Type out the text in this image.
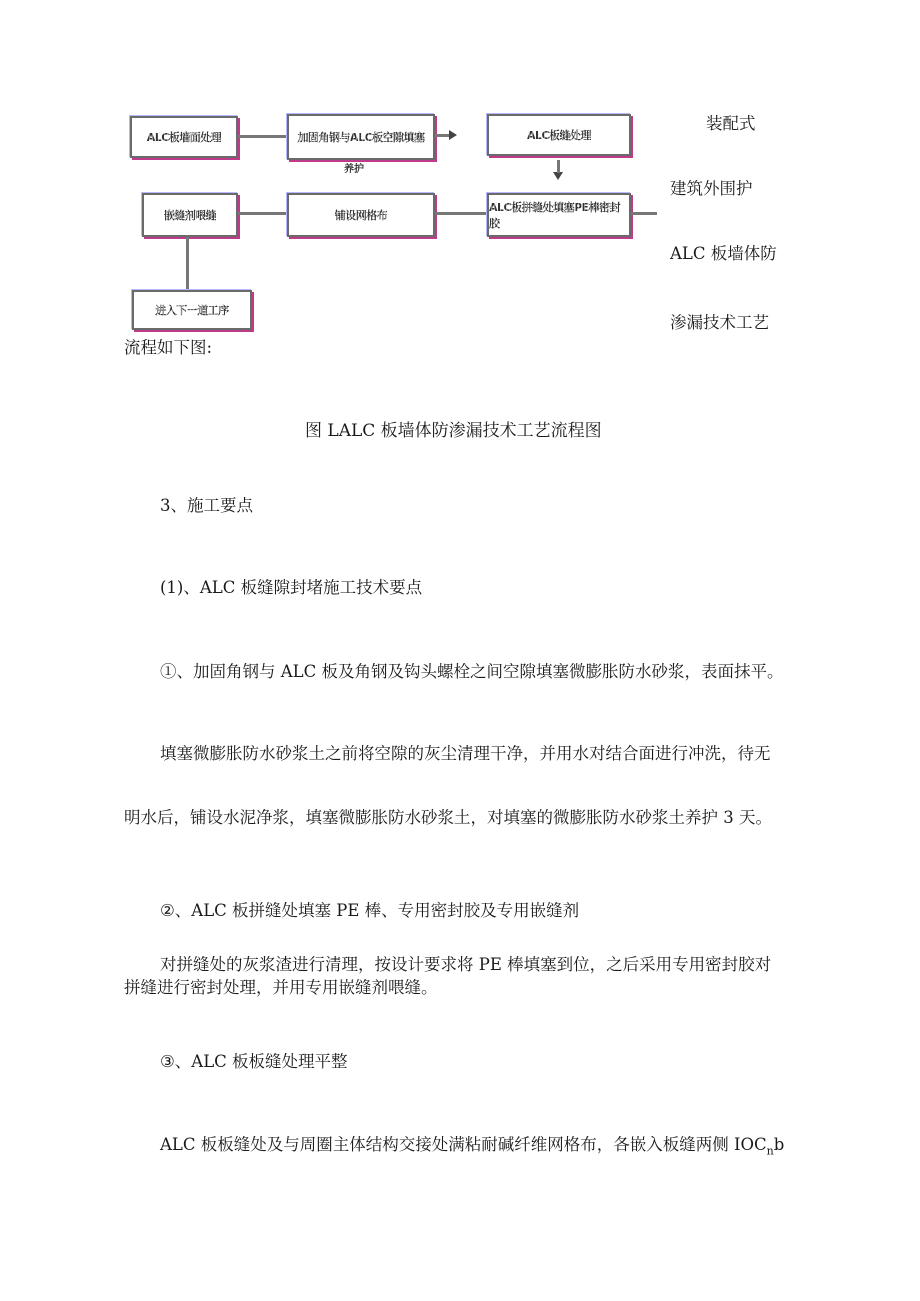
ALC板墙面处理	加固角钢与ALC板空隙填塞
养护
ALC板缝处理
嵌缝剂喂缝	铺设网格布
ALC板拼缝处填塞PE棒密封胶
进入下一道工序
装配式
建筑外围护
ALC 板墙体防
渗漏技术工艺
流程如下图:
图 LALC 板墙体防渗漏技术工艺流程图
3、施工要点
(1)、ALC 板缝隙封堵施工技术要点
①、加固角钢与 ALC 板及角钢及钩头螺栓之间空隙填塞微膨胀防水砂浆，表面抹平。
填塞微膨胀防水砂浆土之前将空隙的灰尘清理干净，并用水对结合面进行冲洗，待无
明水后，铺设水泥净浆，填塞微膨胀防水砂浆土，对填塞的微膨胀防水砂浆土养护 3 天。
②、ALC 板拼缝处填塞 PE 棒、专用密封胶及专用嵌缝剂
对拼缝处的灰浆渣进行清理，按设计要求将 PE 棒填塞到位，之后采用专用密封胶对
拼缝进行密封处理，并用专用嵌缝剂喂缝。
③、ALC 板板缝处理平整
ALC 板板缝处及与周圈主体结构交接处满粘耐碱纤维网格布，各嵌入板缝两侧 $IOC_nb$
